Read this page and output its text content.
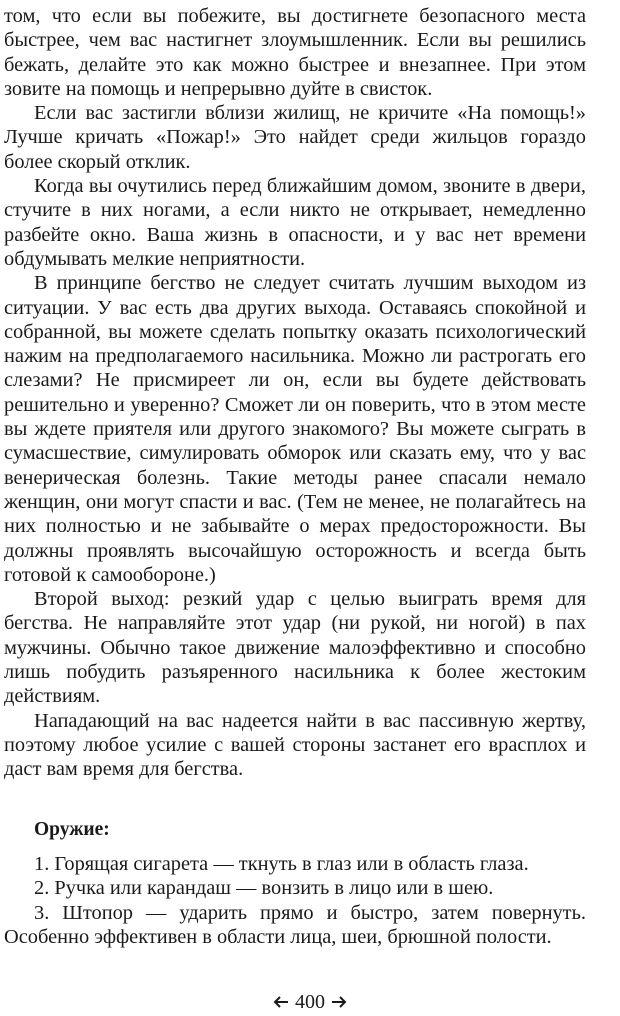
том, что если вы побежите, вы достигнете безопасного места быстрее, чем вас настигнет злоумышленник. Если вы решились бежать, делайте это как можно быстрее и внезапнее. При этом зовите на помощь и непрерывно дуйте в свисток.

Если вас застигли вблизи жилищ, не кричите «На помощь!» Лучше кричать «Пожар!» Это найдет среди жильцов гораздо более скорый отклик.

Когда вы очутились перед ближайшим домом, звоните в двери, стучите в них ногами, а если никто не открывает, немедленно разбейте окно. Ваша жизнь в опасности, и у вас нет времени обдумывать мелкие неприятности.

В принципе бегство не следует считать лучшим выходом из ситуации. У вас есть два других выхода. Оставаясь спокойной и собранной, вы можете сделать попытку оказать психологический нажим на предполагаемого насильника. Можно ли растрогать его слезами? Не присмиреет ли он, если вы будете действовать решительно и уверенно? Сможет ли он поверить, что в этом месте вы ждете приятеля или другого знакомого? Вы можете сыграть в сумасшествие, симулировать обморок или сказать ему, что у вас венерическая болезнь. Такие методы ранее спасали немало женщин, они могут спасти и вас. (Тем не менее, не полагайтесь на них полностью и не забывайте о мерах предосторожности. Вы должны проявлять высочайшую осторожность и всегда быть готовой к самообороне.)

Второй выход: резкий удар с целью выиграть время для бегства. Не направляйте этот удар (ни рукой, ни ногой) в пах мужчины. Обычно такое движение малоэффективно и способно лишь побудить разъяренного насильника к более жестоким действиям.

Нападающий на вас надеется найти в вас пассивную жертву, поэтому любое усилие с вашей стороны застанет его врасплох и даст вам время для бегства.

Оружие:

1. Горящая сигарета — ткнуть в глаз или в область глаза.

2. Ручка или карандаш — вонзить в лицо или в шею.

3. Штопор — ударить прямо и быстро, затем повернуть. Особенно эффективен в области лица, шеи, брюшной полости.

400
